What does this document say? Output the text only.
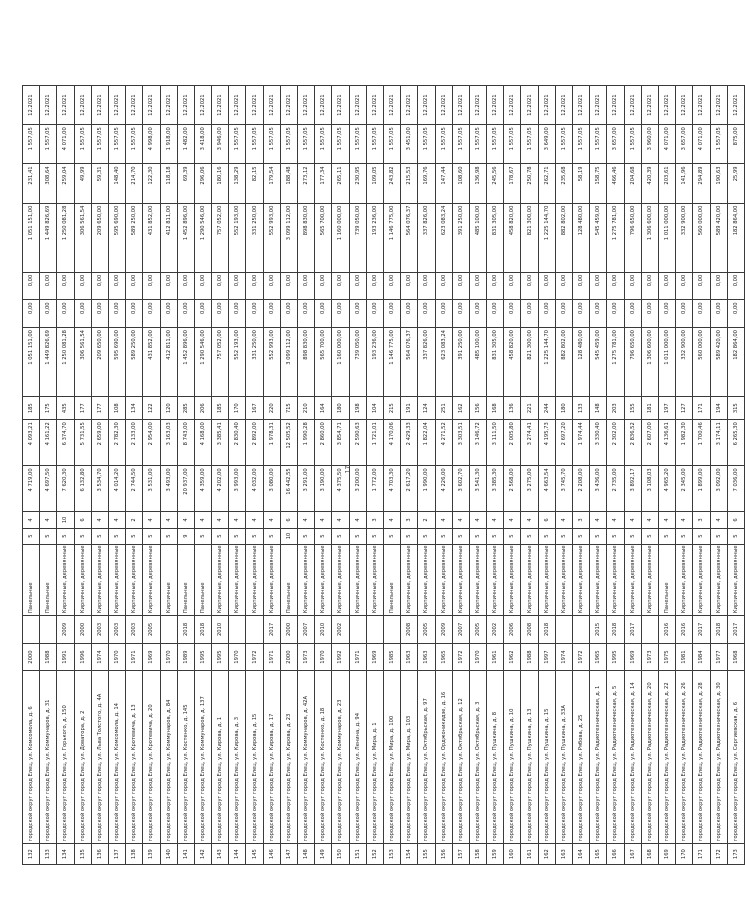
132	городской округ город Елец, ул. Комсомола, д. 6	2000		Панельные	5	4	4 719,00	4 093,21	185	1 051 151,00	0,00	0,00	1 051 151,00	231,41	1 557,05	12.2021
133	городской округ город Елец, ул. Коммунаров, д. 31	1988		Панельные	5	4	4 697,50	4 161,22	175	1 449 826,69	0,00	0,00	1 449 826,69	308,64	1 557,05	12.2021
134	городской округ город Елец, ул. Горького, д. 150	1991	2009	Кирпичные, деревянные	5	10	7 620,30	6 374,70	435	1 250 081,28	0,00	0,00	1 250 081,28	259,04	4 071,00	12.2021
135	городской округ город Елец, ул. Доватора, д. 2	1996	2000	Кирпичные, деревянные	5	6	6 132,80	5 731,55	177	306 561,54	0,00	0,00	306 561,54	49,99	1 557,05	12.2021
136	городской округ город Елец, ул. Льва Толстого, д. 4А	1974	2003	Кирпичные, деревянные	5	4	3 534,70	2 659,00	177	209 650,00	0,00	0,00	209 650,00	59,31	1 557,05	12.2021
137	городской округ город Елец, ул. Комсомола, д. 14	1970	2003	Кирпичные, деревянные	5	4	4 014,20	2 782,30	108	595 690,00	0,00	0,00	595 690,00	148,40	1 557,05	12.2021
138	городской округ город Елец, ул. Кротевича, д. 13	1971	2003	Кирпичные, деревянные	5	2	2 744,50	2 133,00	134	589 250,00	0,00	0,00	589 250,00	214,70	1 557,05	12.2021
139	городской округ город Елец, ул. Кротевича, д. 20	1969	2005	Кирпичные, деревянные	5	4	3 531,00	2 954,00	122	431 852,00	0,00	0,00	431 852,00	122,30	4 998,00	12.2021
140	городской округ город Елец, ул. Коммунаров, д. 84	1970		Кирпичные	5	4	3 493,00	3 163,03	120	412 811,00	0,00	0,00	412 811,00	118,18	1 918,00	12.2021
141	городской округ город Елец, ул. Костенко, д. 145	1989	2018	Панельные	9	4	20 937,00	8 743,00	285	1 452 896,00	0,00	0,00	1 452 896,00	69,39	1 482,00	12.2021
142	городской округ город Елец, ул. Коммунаров, д. 137	1995	2018	Панельные	5	4	4 359,00	4 168,00	206	1 290 546,00	0,00	0,00	1 290 546,00	296,06	3 418,00	12.2021
143	городской округ город Елец, ул. Кирова, д. 1	1995	2010	Кирпичные, деревянные	5	4	4 202,00	3 385,41	185	757 052,00	0,00	0,00	757 052,00	180,16	3 946,00	12.2021
144	городской округ город Елец, ул. Кирова, д. 3	1970		Кирпичные, деревянные	5	4	3 993,00	2 830,40	170	552 193,00	0,00	0,00	552 193,00	138,29	1 557,05	12.2021
145	городской округ город Елец, ул. Кирова, д. 15	1972		Кирпичные, деревянные	5	4	4 032,00	2 892,00	167	331 250,00	0,00	0,00	331 250,00	82,15	1 557,05	12.2021
146	городской округ город Елец, ул. Кирова, д. 17	1971	2017	Кирпичные, деревянные	5	4	3 080,00	1 978,31	220	552 993,00	0,00	0,00	552 993,00	179,54	1 557,05	12.2021
147	городской округ город Елец, ул. Кирова, д. 23	2000	2000	Панельные	10	6	16 442,55	12 505,52	715	3 099 112,00	0,00	0,00	3 099 112,00	188,48	1 557,05	12.2021
148	городской округ город Елец, ул. Коммунаров, д. 42А	1973	2007	Кирпичные, деревянные	5	4	3 291,00	1 990,28	210	898 830,00	0,00	0,00	898 830,00	273,12	1 557,05	12.2021
149	городской округ город Елец, ул. Костенко, д. 18	1970	2010	Кирпичные, деревянные	5	4	3 190,00	2 860,00	164	565 700,00	0,00	0,00	565 700,00	177,34	1 557,05	12.2021
150	городской округ город Елец, ул. Коммунаров, д. 23	1992	2002	Кирпичные, деревянные	5	4	4 375,50	3 854,71	180	1 160 000,00	0,00	0,00	1 160 000,00	265,11	1 557,05	12.2021
151	городской округ город Елец, ул. Ленина, д. 94	1971		Кирпичные, деревянные	5	4	3 200,00	2 590,63	198	739 050,00	0,00	0,00	739 050,00	230,95	1 557,05	12.2021
152	городской округ город Елец, ул. Мира, д. 1	1969		Кирпичные, деревянные	5	3	1 772,00	1 721,01	104	193 236,00	0,00	0,00	193 236,00	109,05	1 557,05	12.2021
153	городской округ город Елец, ул. Мира, д. 100	1985		Панельные	5	4	4 703,30	4 170,06	215	1 146 775,00	0,00	0,00	1 146 775,00	243,82	1 557,05	12.2021
154	городской округ город Елец, ул. Мира, д. 103	1963	2008	Кирпичные, деревянные	5	3	2 617,20	2 429,33	191	564 076,37	0,00	0,00	564 076,37	215,53	3 451,00	12.2021
155	городской округ город Елец, ул. Октябрьская, д. 97	1963	2005	Кирпичные, деревянные	5	2	1 990,00	1 822,04	124	337 826,00	0,00	0,00	337 826,00	169,76	1 557,05	12.2021
156	городской округ город Елец, ул. Орджоникидзе, д. 16	1965	2009	Кирпичные, деревянные	5	4	4 226,00	4 271,52	251	623 083,24	0,00	0,00	623 083,24	147,44	1 557,05	12.2021
157	городской округ город Елец, ул. Октябрьская, д. 12	1972	2007	Кирпичные, деревянные	5	4	3 602,70	3 303,51	162	391 250,00	0,00	0,00	391 250,00	108,60	1 557,05	12.2021
158	городской округ город Елец, ул. Октябрьская, д. 3	1970	2005	Кирпичные, деревянные	5	4	3 541,30	3 146,72	156	485 100,00	0,00	0,00	485 100,00	136,98	1 557,05	12.2021
159	городской округ город Елец, ул. Пушкина, д. 8	1961	2002	Кирпичные, деревянные	5	4	3 385,30	3 111,50	168	831 305,00	0,00	0,00	831 305,00	245,56	1 557,05	12.2021
160	городской округ город Елец, ул. Пушкина, д. 10	1962	2006	Кирпичные, деревянные	5	4	2 568,00	2 005,80	136	458 820,00	0,00	0,00	458 820,00	178,67	1 557,05	12.2021
161	городской округ город Елец, ул. Пушкина, д. 13	1988	2008	Кирпичные, деревянные	5	4	3 275,00	3 274,41	221	821 300,00	0,00	0,00	821 300,00	250,78	1 557,05	12.2021
162	городской округ город Елец, ул. Пушкина, д. 15	1997	2018	Кирпичные, деревянные	5	6	4 663,54	4 195,73	244	1 225 144,70	0,00	0,00	1 225 144,70	262,71	3 649,00	12.2021
163	городской округ город Елец, ул. Пушкина, д. 33А	1974		Кирпичные, деревянные	5	4	3 745,70	2 697,20	180	882 802,00	0,00	0,00	882 802,00	235,68	1 557,05	12.2021
164	городской округ город Елец, ул. Рябова, д. 25	1972		Кирпичные, деревянные	5	3	2 208,00	1 974,44	133	128 480,00	0,00	0,00	128 480,00	58,19	1 557,05	12.2021
165	городской округ город Елец, ул. Радиотехническая, д. 1	1965	2015	Кирпичные, деревянные	5	4	3 436,00	3 330,40	148	545 459,00	0,00	0,00	545 459,00	158,75	1 557,05	12.2021
166	городской округ город Елец, ул. Радиотехническая, д. 5	1995	2018	Кирпичные, деревянные	5	4	2 735,00	2 302,00	203	1 275 781,00	0,00	0,00	1 275 781,00	466,46	3 657,00	12.2021
167	городской округ город Елец, ул. Радиотехническая, д. 14	1969	2017	Кирпичные, деревянные	5	4	3 892,17	2 836,52	155	796 650,00	0,00	0,00	796 650,00	204,68	1 557,05	12.2021
168	городской округ город Елец, ул. Радиотехническая, д. 20	1973		Кирпичные, деревянные	5	4	3 108,03	2 607,00	181	1 306 600,00	0,00	0,00	1 306 600,00	420,39	3 960,00	12.2021
169	городской округ город Елец, ул. Радиотехническая, д. 22	1975	2016	Панельные	5	4	4 965,20	4 136,61	197	1 011 000,00	0,00	0,00	1 011 000,00	203,61	4 071,00	12.2021
170	городской округ город Елец, ул. Радиотехническая, д. 26	1981	2016	Кирпичные, деревянные	5	4	2 345,00	1 982,30	127	332 900,00	0,00	0,00	332 900,00	141,96	3 657,00	12.2021
171	городской округ город Елец, ул. Радиотехническая, д. 28	1984	2017	Кирпичные, деревянные	5	3	1 899,00	1 700,46	171	560 000,00	0,00	0,00	560 000,00	294,89	4 071,00	12.2021
172	городской округ город Елец, ул. Радиотехническая, д. 30	1977	2018	Кирпичные, деревянные	5	4	3 092,00	3 174,11	194	589 420,00	0,00	0,00	589 420,00	190,63	1 557,05	12.2021
173	городской округ город Елец, ул. Сергиевская, д. 6	1968	2017	Кирпичные, деревянные	5	6	7 036,00	6 265,30	315	182 864,00	0,00	0,00	182 864,00	25,99	875,00	12.2021
17
